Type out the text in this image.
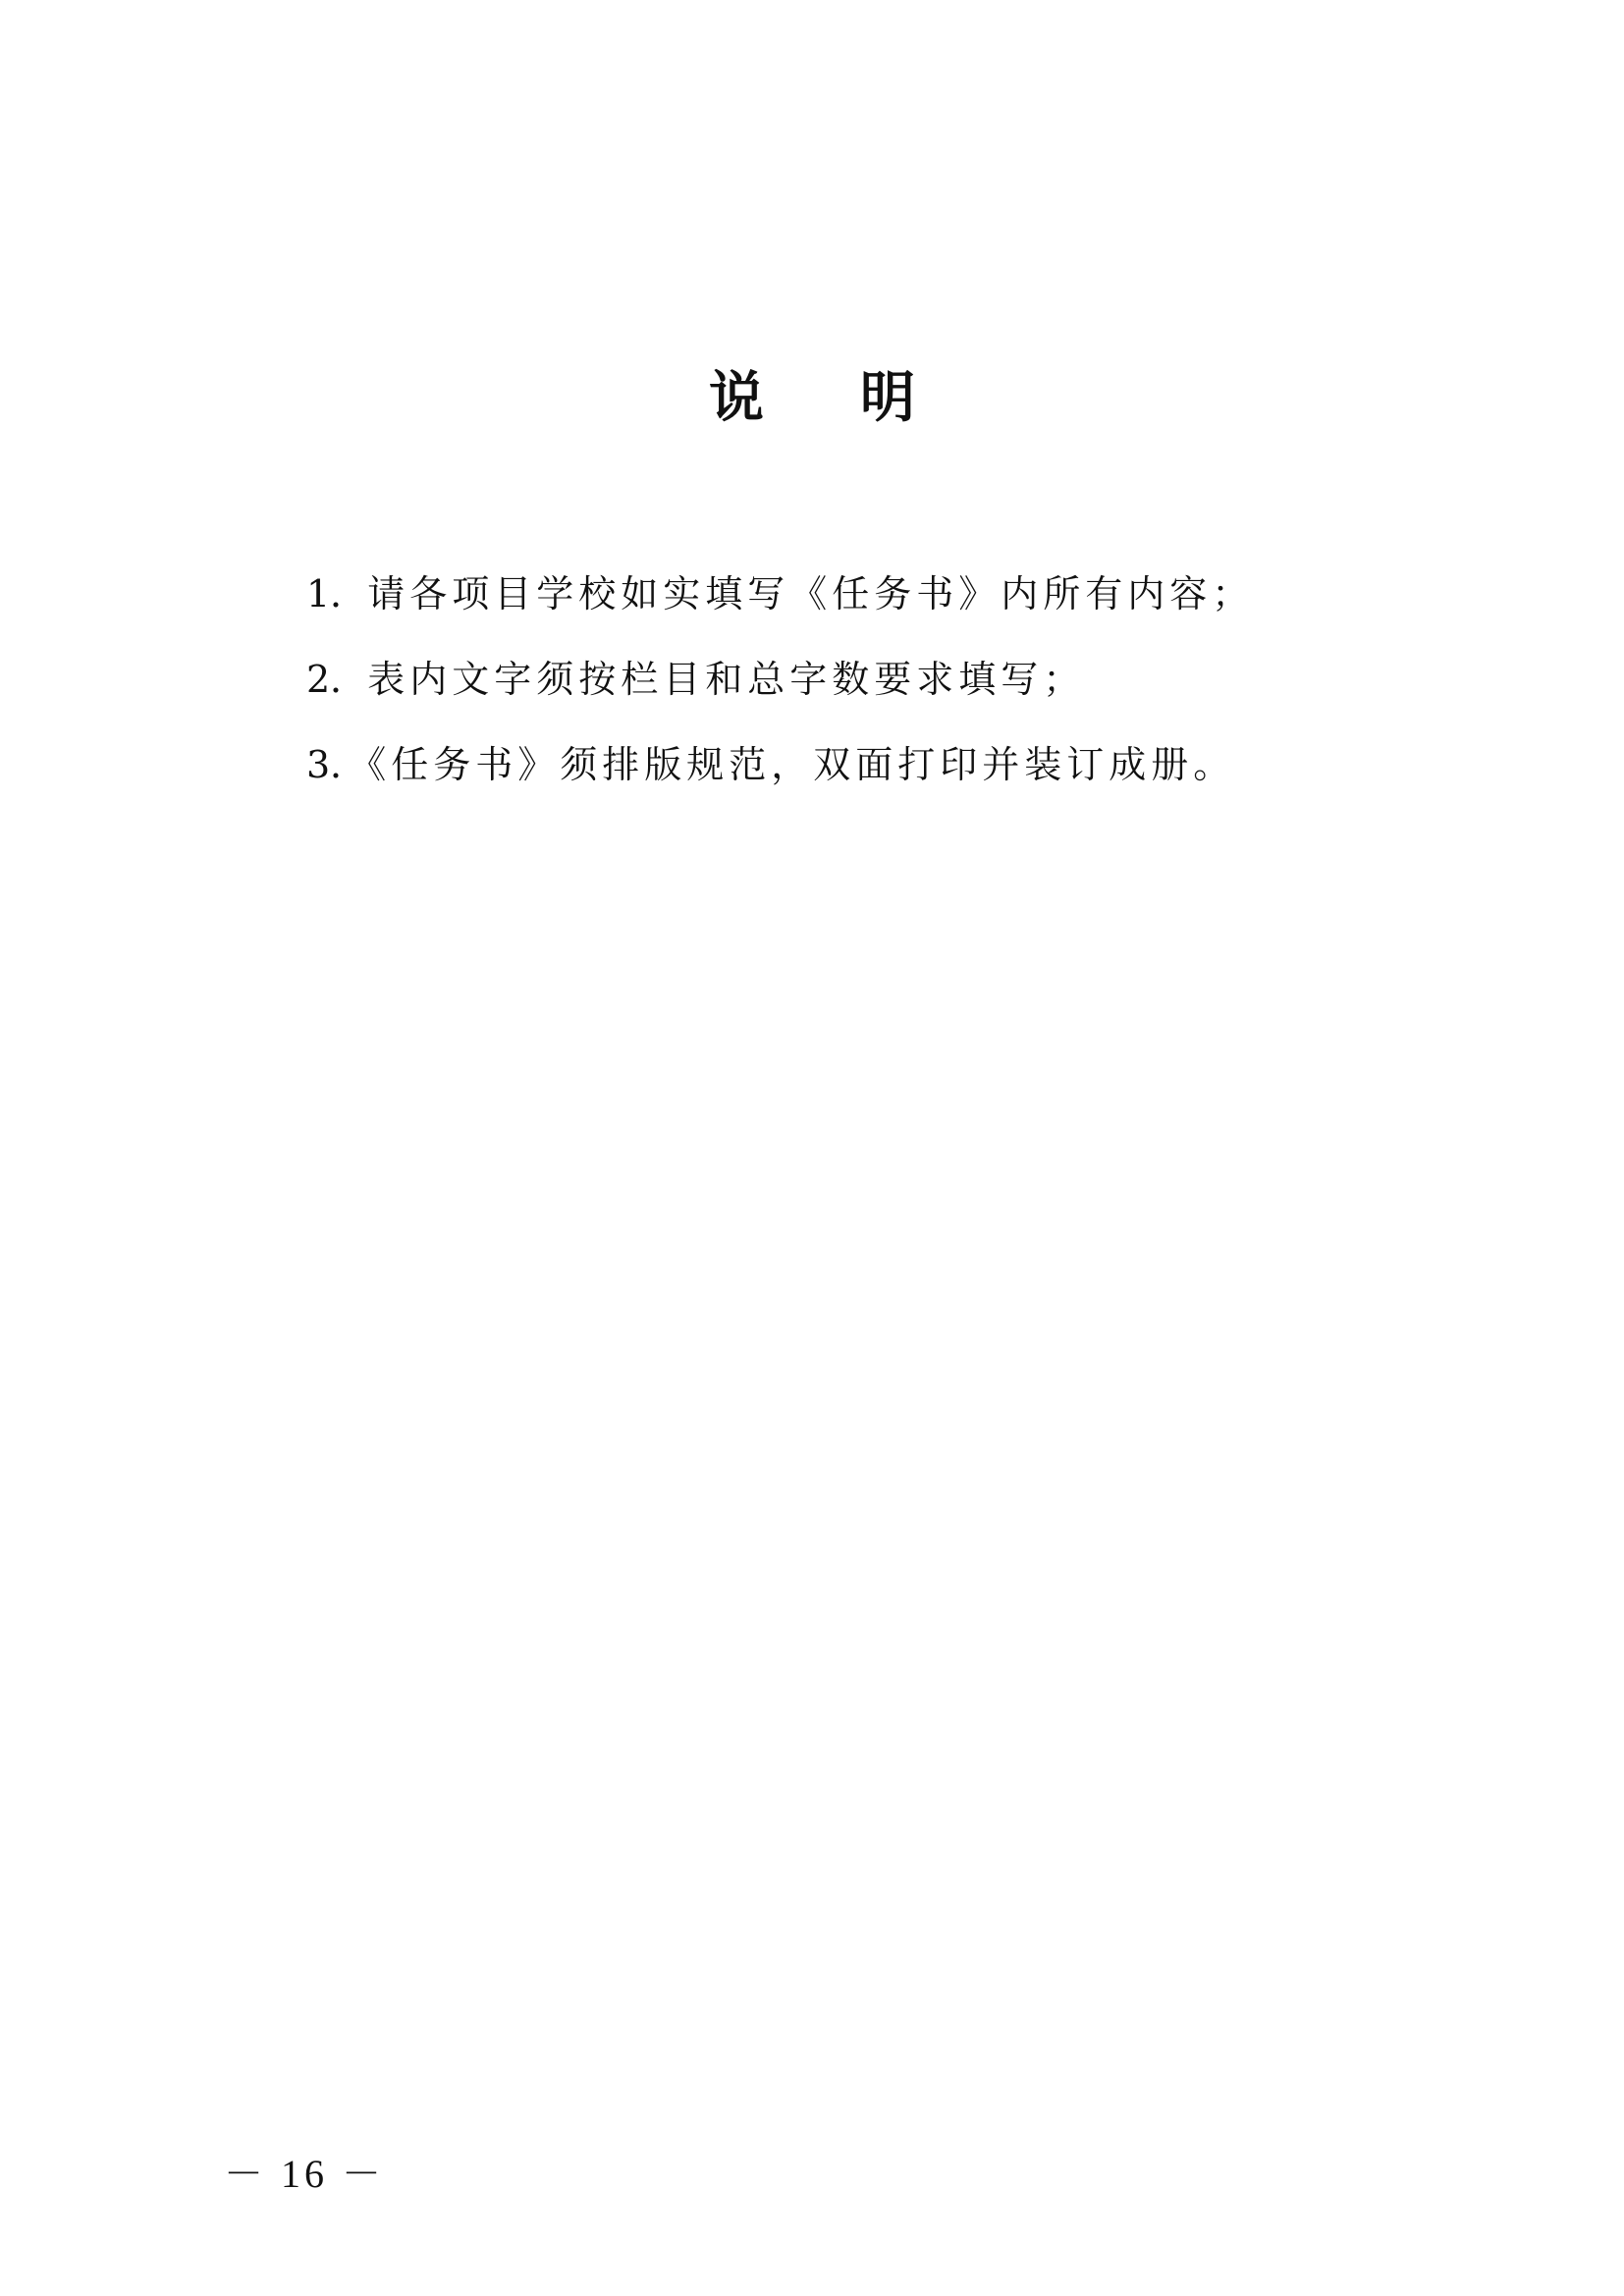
说 明
1．请各项目学校如实填写《任务书》内所有内容；
2．表内文字须按栏目和总字数要求填写；
3．《任务书》须排版规范，双面打印并装订成册。
－ 16 －
